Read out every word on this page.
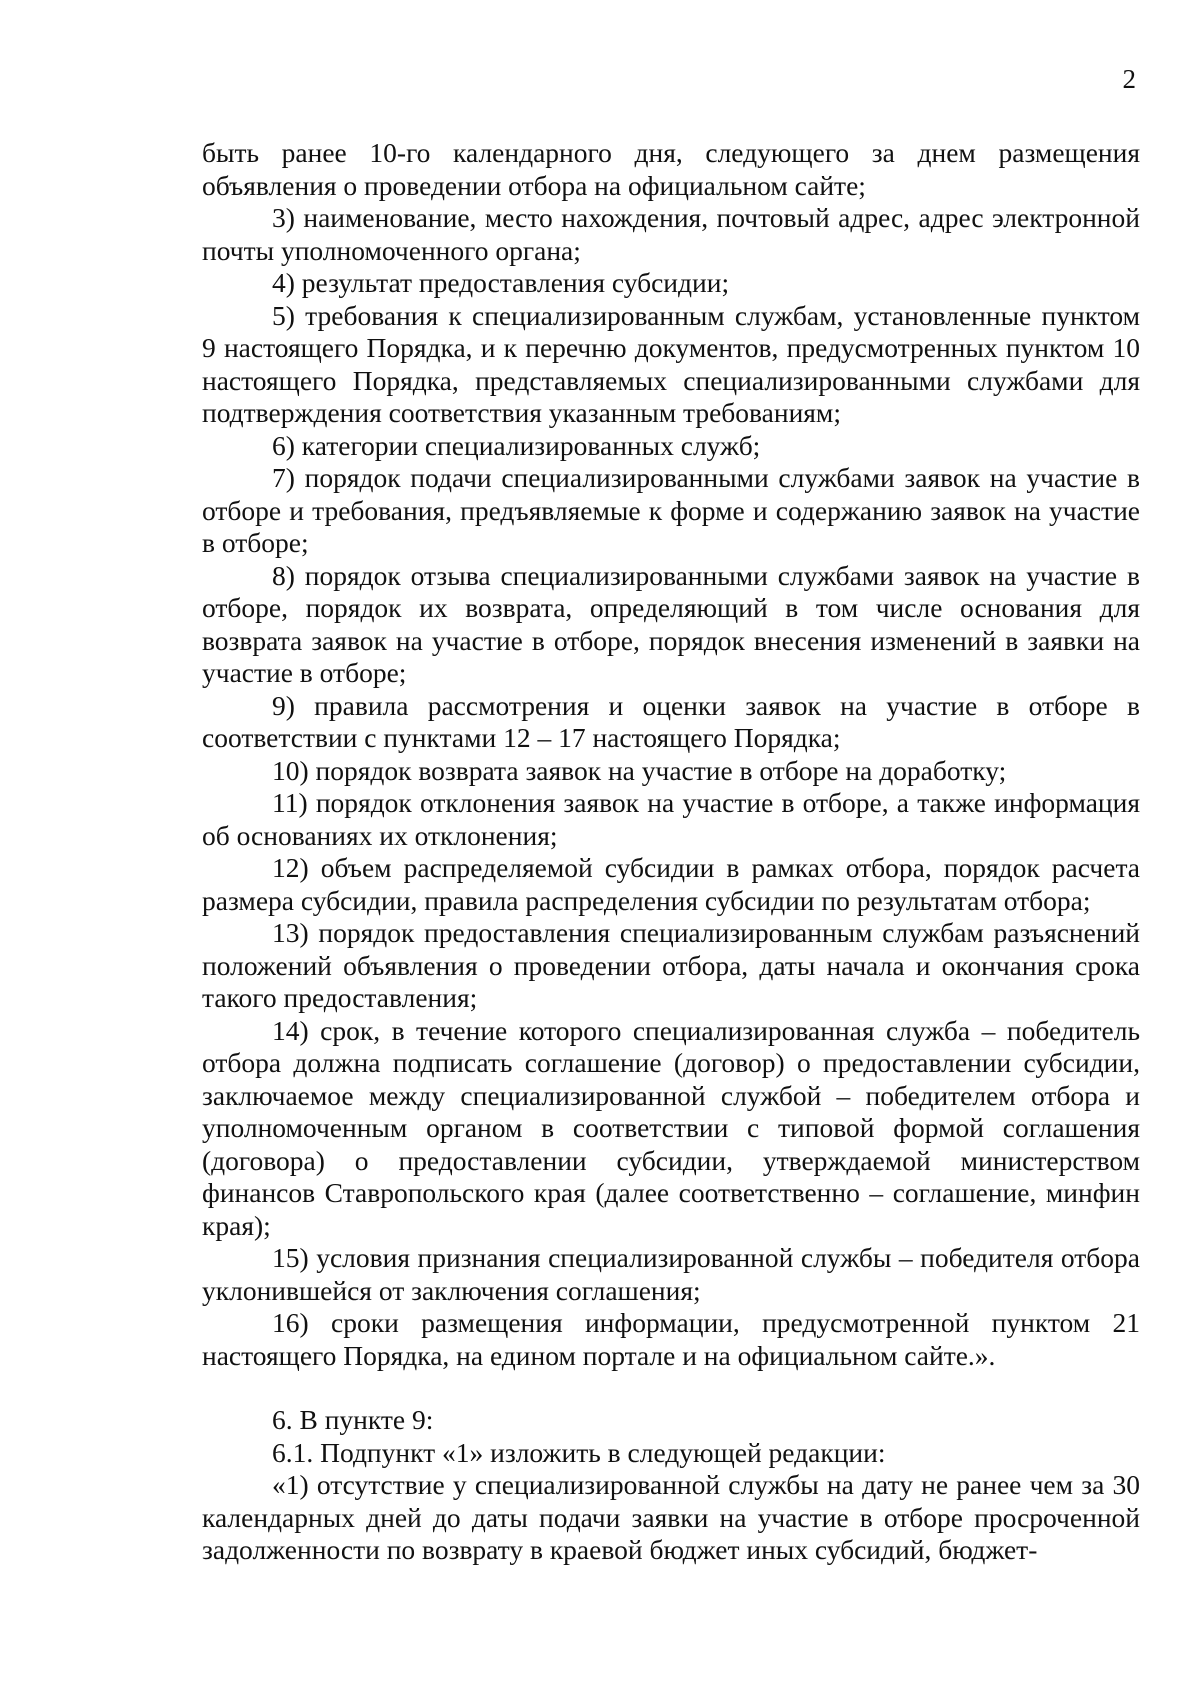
2

быть ранее 10-го календарного дня, следующего за днем размещения объявления о проведении отбора на официальном сайте;

3) наименование, место нахождения, почтовый адрес, адрес электронной почты уполномоченного органа;

4) результат предоставления субсидии;

5) требования к специализированным службам, установленные пунктом 9 настоящего Порядка, и к перечню документов, предусмотренных пунктом 10 настоящего Порядка, представляемых специализированными службами для подтверждения соответствия указанным требованиям;

6) категории специализированных служб;

7) порядок подачи специализированными службами заявок на участие в отборе и требования, предъявляемые к форме и содержанию заявок на участие в отборе;

8) порядок отзыва специализированными службами заявок на участие в отборе, порядок их возврата, определяющий в том числе основания для возврата заявок на участие в отборе, порядок внесения изменений в заявки на участие в отборе;

9) правила рассмотрения и оценки заявок на участие в отборе в соответствии с пунктами 12 – 17 настоящего Порядка;

10) порядок возврата заявок на участие в отборе на доработку;

11) порядок отклонения заявок на участие в отборе, а также информация об основаниях их отклонения;

12) объем распределяемой субсидии в рамках отбора, порядок расчета размера субсидии, правила распределения субсидии по результатам отбора;

13) порядок предоставления специализированным службам разъяснений положений объявления о проведении отбора, даты начала и окончания срока такого предоставления;

14) срок, в течение которого специализированная служба – победитель отбора должна подписать соглашение (договор) о предоставлении субсидии, заключаемое между специализированной службой – победителем отбора и уполномоченным органом в соответствии с типовой формой соглашения (договора) о предоставлении субсидии, утверждаемой министерством финансов Ставропольского края (далее соответственно – соглашение, минфин края);

15) условия признания специализированной службы – победителя отбора уклонившейся от заключения соглашения;

16) сроки размещения информации, предусмотренной пунктом 21 настоящего Порядка, на едином портале и на официальном сайте.».

6. В пункте 9:

6.1. Подпункт «1» изложить в следующей редакции:

«1) отсутствие у специализированной службы на дату не ранее чем за 30 календарных дней до даты подачи заявки на участие в отборе просроченной задолженности по возврату в краевой бюджет иных субсидий, бюджет-
